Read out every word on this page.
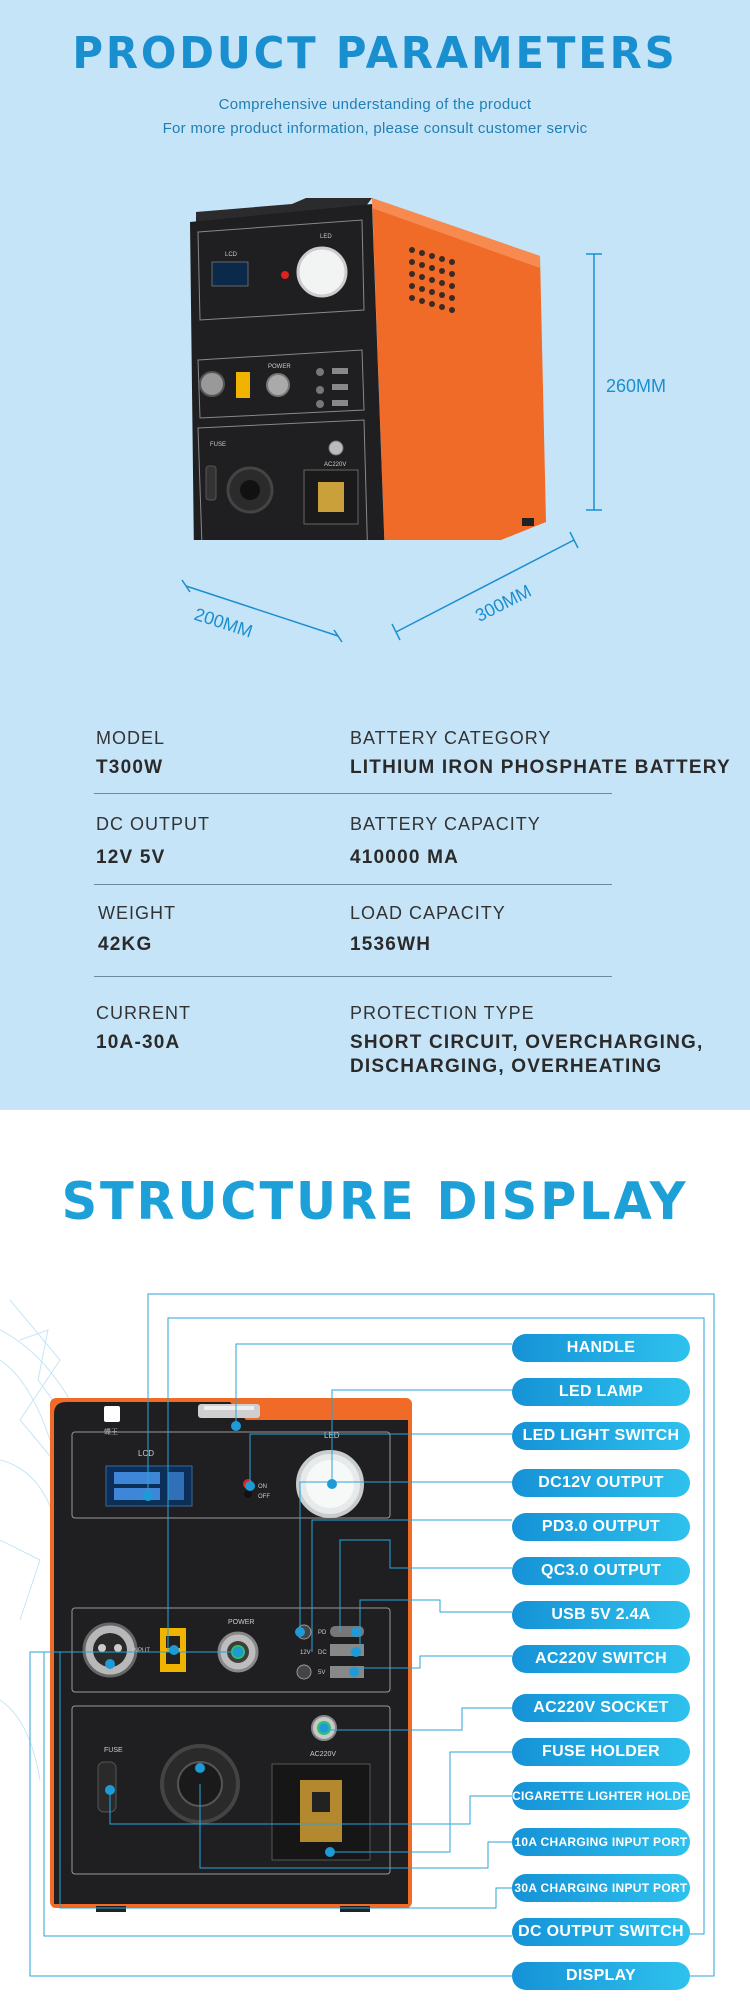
PRODUCT PARAMETERS
Comprehensive understanding of the product
For more product information, please consult customer servic
LCD
LED
POWER
FUSE
AC220V
260MM
200MM	300MM
MODEL
T300W
BATTERY CATEGORY
LITHIUM IRON PHOSPHATE BATTERY
DC OUTPUT
12V 5V
BATTERY CAPACITY
410000 MA
WEIGHT
42KG
LOAD CAPACITY
1536WH
CURRENT
10A-30A
PROTECTION TYPE
SHORT CIRCUIT, OVERCHARGING,
DISCHARGING, OVERHEATING
STRUCTURE DISPLAY
蝶王
LCD
ON
OFF
LED
INPUT
POWER
PD
12V DC
5V
FUSE
AC220V
HANDLE
LED LAMP
LED LIGHT SWITCH
DC12V OUTPUT
PD3.0 OUTPUT
QC3.0 OUTPUT
USB 5V 2.4A
AC220V SWITCH
AC220V SOCKET
FUSE HOLDER
CIGARETTE LIGHTER HOLDER
10A CHARGING INPUT PORT
30A CHARGING INPUT PORT
DC OUTPUT SWITCH
DISPLAY
